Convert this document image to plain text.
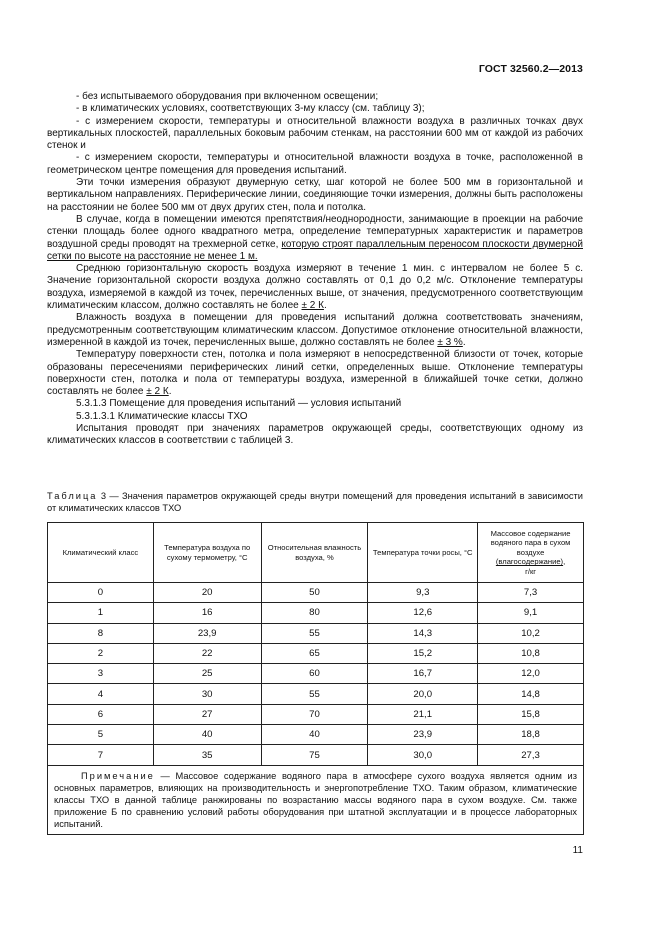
ГОСТ 32560.2—2013

- без испытываемого оборудования при включенном освещении;

- в климатических условиях, соответствующих 3-му классу (см. таблицу 3);

- с измерением скорости, температуры и относительной влажности воздуха в различных точках двух вертикальных плоскостей, параллельных боковым рабочим стенкам, на расстоянии 600 мм от каждой из рабочих стенок и

- с измерением скорости, температуры и относительной влажности воздуха в точке, расположенной в геометрическом центре помещения для проведения испытаний.

Эти точки измерения образуют двумерную сетку, шаг которой не более 500 мм в горизонтальной и вертикальном направлениях. Периферические линии, соединяющие точки измерения, должны быть расположены на расстоянии не более 500 мм от двух других стен, пола и потолка.

В случае, когда в помещении имеются препятствия/неоднородности, занимающие в проекции на рабочие стенки площадь более одного квадратного метра, определение температурных характеристик и параметров воздушной среды проводят на трехмерной сетке, которую строят параллельным переносом плоскости двумерной сетки по высоте на расстояние не менее 1 м.

Среднюю горизонтальную скорость воздуха измеряют в течение 1 мин. с интервалом не более 5 с. Значение горизонтальной скорости воздуха должно составлять от 0,1 до 0,2 м/с. Отклонение температуры воздуха, измеряемой в каждой из точек, перечисленных выше, от значения, предусмотренного соответствующим климатическим классом, должно составлять не более ± 2 К.

Влажность воздуха в помещении для проведения испытаний должна соответствовать значениям, предусмотренным соответствующим климатическим классом. Допустимое отклонение относительной влажности, измеренной в каждой из точек, перечисленных выше, должно составлять не более ± 3 %.

Температуру поверхности стен, потолка и пола измеряют в непосредственной близости от точек, которые образованы пересечениями периферических линий сетки, определенных выше. Отклонение температуры поверхности стен, потолка и пола от температуры воздуха, измеренной в ближайшей точке сетки, должно составлять не более ± 2 К.

5.3.1.3 Помещение для проведения испытаний — условия испытаний

5.3.1.3.1 Климатические классы ТХО

Испытания проводят при значениях параметров окружающей среды, соответствующих одному из климатических классов в соответствии с таблицей 3.

Таблица 3 — Значения параметров окружающей среды внутри помещений для проведения испытаний в зависимости от климатических классов ТХО
Климатический класс	Температура воздуха по сухому термометру, °С	Относительная влажность воздуха, %	Температура точки росы, °С	Массовое содержание водяного пара в сухом воздухе
(влагосодержание),
г/кг
0	20	50	9,3	7,3
1	16	80	12,6	9,1
8	23,9	55	14,3	10,2
2	22	65	15,2	10,8
3	25	60	16,7	12,0
4	30	55	20,0	14,8
6	27	70	21,1	15,8
5	40	40	23,9	18,8
7	35	75	30,0	27,3

Примечание — Массовое содержание водяного пара в атмосфере сухого воздуха является одним из основных параметров, влияющих на производительность и энергопотребление ТХО. Таким образом, климатические классы ТХО в данной таблице ранжированы по возрастанию массы водяного пара в сухом воздухе. См. также приложение Б по сравнению условий работы оборудования при штатной эксплуатации и в процессе лабораторных испытаний.				

11
